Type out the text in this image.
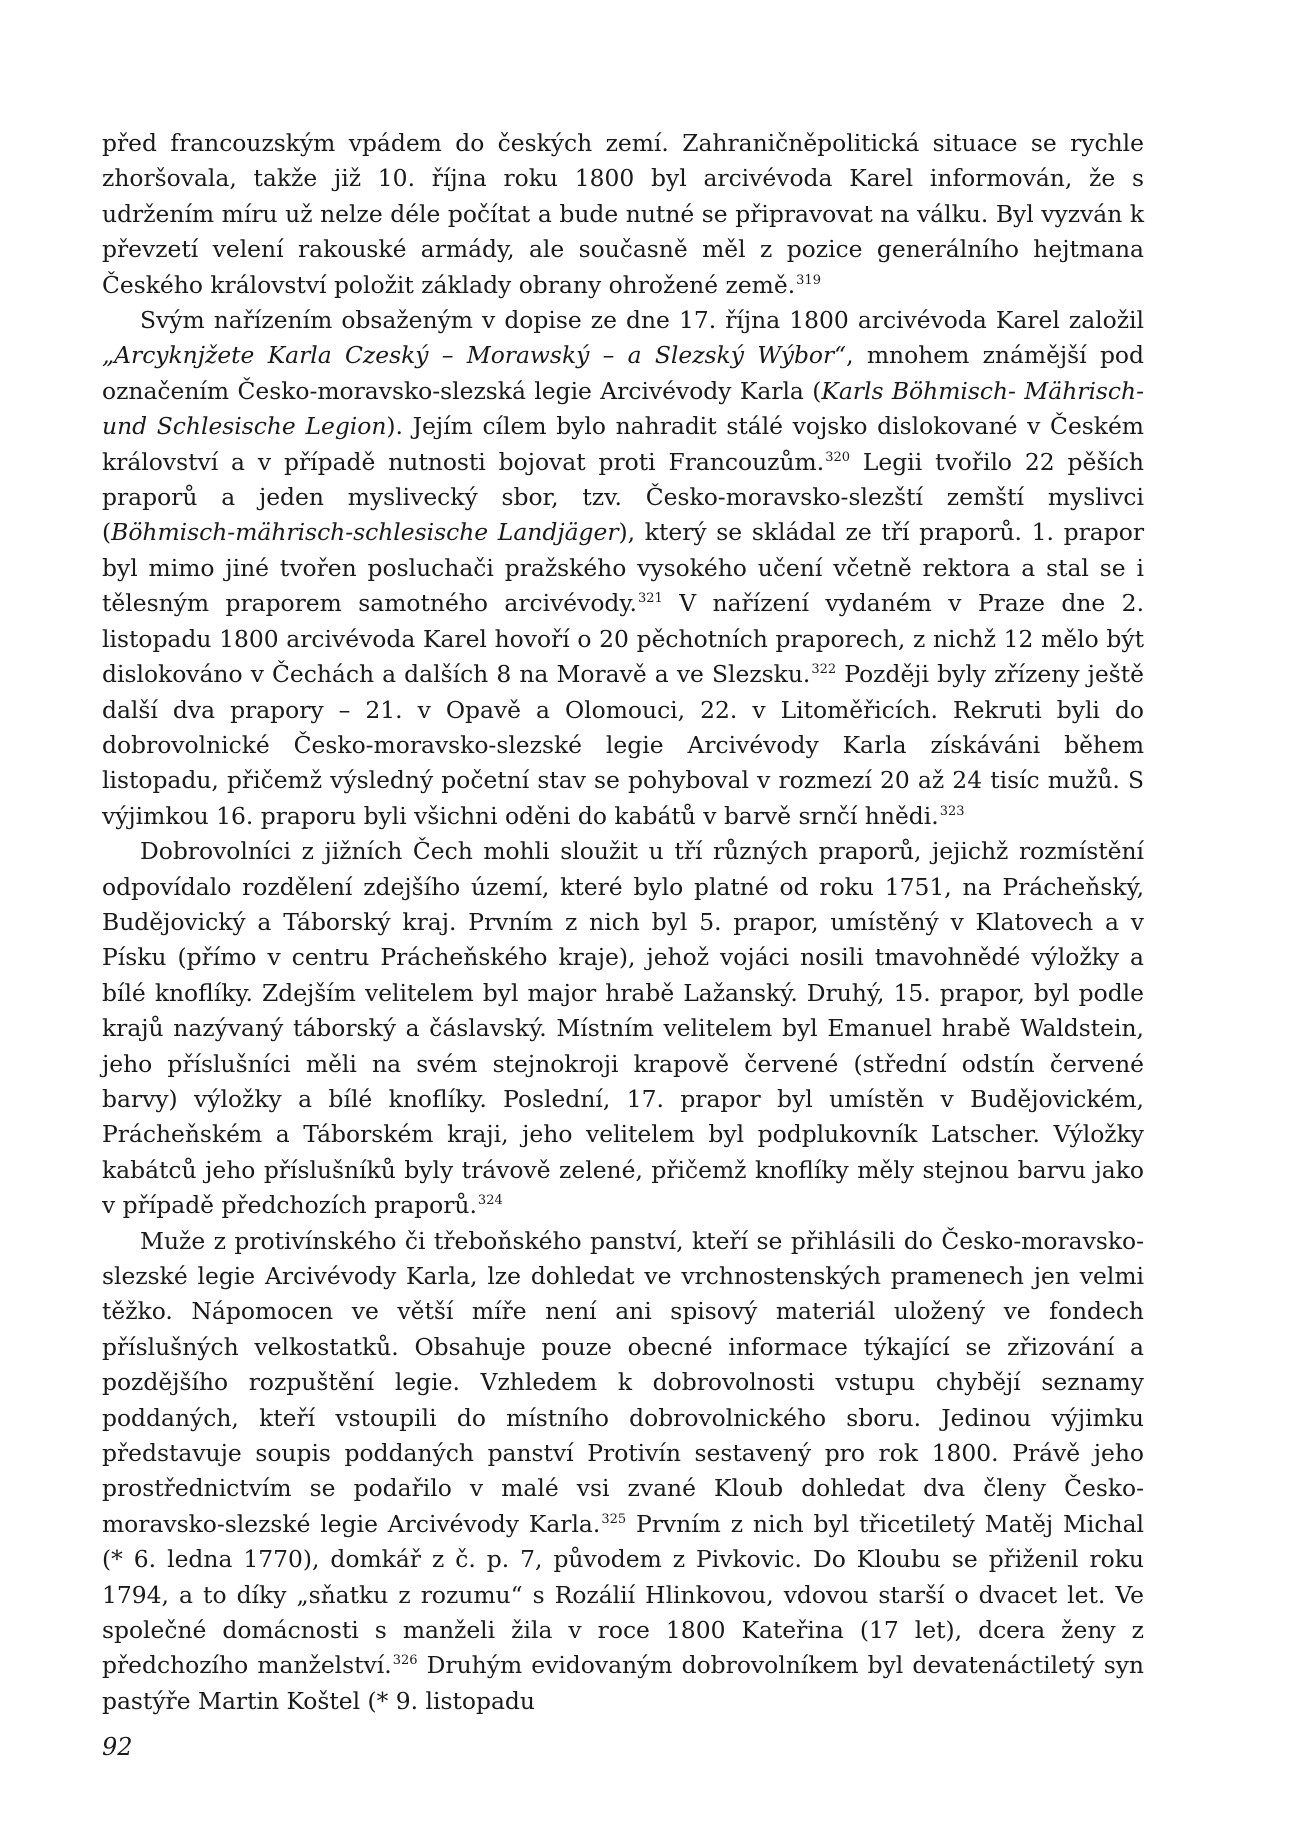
před francouzským vpádem do českých zemí. Zahraničněpolitická situace se rychle zhoršovala, takže již 10. října roku 1800 byl arcivévoda Karel informován, že s udržením míru už nelze déle počítat a bude nutné se připravovat na válku. Byl vyzván k převzetí velení rakouské armády, ale současně měl z pozice generálního hejtmana Českého království položit základy obrany ohrožené země.$^{319}$

Svým nařízením obsaženým v dopise ze dne 17. října 1800 arcivévoda Karel založil „Arcyknjžete Karla Czeský – Morawský – a Slezský Wýbor“, mnohem známější pod označením Česko-moravsko-slezská legie Arcivévody Karla (Karls Böhmisch- Mährisch- und Schlesische Legion). Jejím cílem bylo nahradit stálé vojsko dislokované v Českém království a v případě nutnosti bojovat proti Francouzům.$^{320}$ Legii tvořilo 22 pěších praporů a jeden myslivecký sbor, tzv. Česko-moravsko-slezští zemští myslivci (Böhmisch-mährisch-schlesische Landjäger), který se skládal ze tří praporů. 1. prapor byl mimo jiné tvořen posluchači pražského vysokého učení včetně rektora a stal se i tělesným praporem samotného arcivévody.$^{321}$ V nařízení vydaném v Praze dne 2. listopadu 1800 arcivévoda Karel hovoří o 20 pěchotních praporech, z nichž 12 mělo být dislokováno v Čechách a dalších 8 na Moravě a ve Slezsku.$^{322}$ Později byly zřízeny ještě další dva prapory – 21. v Opavě a Olomouci, 22. v Litoměřicích. Rekruti byli do dobrovolnické Česko-moravsko-slezské legie Arcivévody Karla získáváni během listopadu, přičemž výsledný početní stav se pohyboval v rozmezí 20 až 24 tisíc mužů. S výjimkou 16. praporu byli všichni oděni do kabátů v barvě srnčí hnědi.$^{323}$

Dobrovolníci z jižních Čech mohli sloužit u tří různých praporů, jejichž rozmístění odpovídalo rozdělení zdejšího území, které bylo platné od roku 1751, na Prácheňský, Budějovický a Táborský kraj. Prvním z nich byl 5. prapor, umístěný v Klatovech a v Písku (přímo v centru Prácheňského kraje), jehož vojáci nosili tmavohnědé výložky a bílé knoflíky. Zdejším velitelem byl major hrabě Lažanský. Druhý, 15. prapor, byl podle krajů nazývaný táborský a čáslavský. Místním velitelem byl Emanuel hrabě Waldstein, jeho příslušníci měli na svém stejnokroji krapově červené (střední odstín červené barvy) výložky a bílé knoflíky. Poslední, 17. prapor byl umístěn v Budějovickém, Prácheňském a Táborském kraji, jeho velitelem byl podplukovník Latscher. Výložky kabátců jeho příslušníků byly trávově zelené, přičemž knoflíky měly stejnou barvu jako v případě předchozích praporů.$^{324}$

Muže z protivínského či třeboňského panství, kteří se přihlásili do Česko-moravsko-slezské legie Arcivévody Karla, lze dohledat ve vrchnostenských pramenech jen velmi těžko. Nápomocen ve větší míře není ani spisový materiál uložený ve fondech příslušných velkostatků. Obsahuje pouze obecné informace týkající se zřizování a pozdějšího rozpuštění legie. Vzhledem k dobrovolnosti vstupu chybějí seznamy poddaných, kteří vstoupili do místního dobrovolnického sboru. Jedinou výjimku představuje soupis poddaných panství Protivín sestavený pro rok 1800. Právě jeho prostřednictvím se podařilo v malé vsi zvané Kloub dohledat dva členy Česko-moravsko-slezské legie Arcivévody Karla.$^{325}$ Prvním z nich byl třicetiletý Matěj Michal (* 6. ledna 1770), domkář z č. p. 7, původem z Pivkovic. Do Kloubu se přiženil roku 1794, a to díky „sňatku z rozumu“ s Rozálií Hlinkovou, vdovou starší o dvacet let. Ve společné domácnosti s manželi žila v roce 1800 Kateřina (17 let), dcera ženy z předchozího manželství.$^{326}$ Druhým evidovaným dobrovolníkem byl devatenáctiletý syn pastýře Martin Koštel (* 9. listopadu

92
